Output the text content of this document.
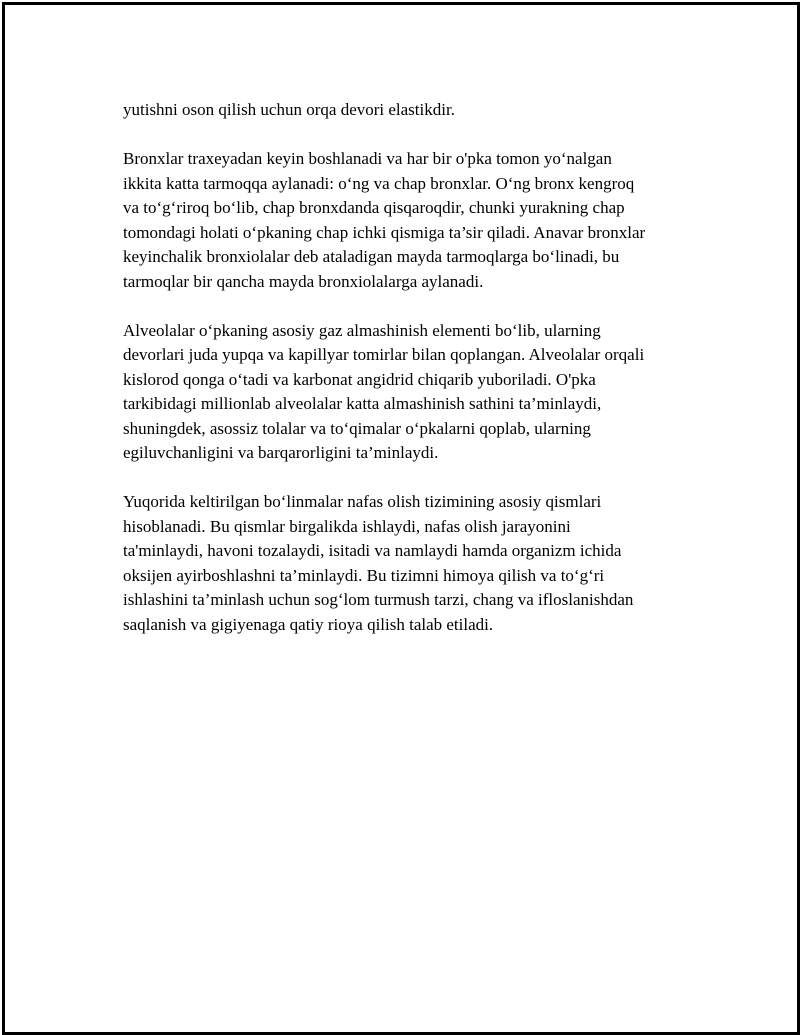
yutishni oson qilish uchun orqa devori elastikdir.

Bronxlar traxeyadan keyin boshlanadi va har bir o'pka tomon yo‘nalgan
ikkita katta tarmoqqa aylanadi: o‘ng va chap bronxlar. O‘ng bronx kengroq
va to‘g‘riroq bo‘lib, chap bronxdanda qisqaroqdir, chunki yurakning chap
tomondagi holati o‘pkaning chap ichki qismiga ta’sir qiladi. Anavar bronxlar
keyinchalik bronxiolalar deb ataladigan mayda tarmoqlarga bo‘linadi, bu
tarmoqlar bir qancha mayda bronxiolalarga aylanadi.

Alveolalar o‘pkaning asosiy gaz almashinish elementi bo‘lib, ularning
devorlari juda yupqa va kapillyar tomirlar bilan qoplangan. Alveolalar orqali
kislorod qonga o‘tadi va karbonat angidrid chiqarib yuboriladi. O'pka
tarkibidagi millionlab alveolalar katta almashinish sathini ta’minlaydi,
shuningdek, asossiz tolalar va to‘qimalar o‘pkalarni qoplab, ularning
egiluvchanligini va barqarorligini ta’minlaydi.

Yuqorida keltirilgan bo‘linmalar nafas olish tizimining asosiy qismlari
hisoblanadi. Bu qismlar birgalikda ishlaydi, nafas olish jarayonini
ta'minlaydi, havoni tozalaydi, isitadi va namlaydi hamda organizm ichida
oksijen ayirboshlashni ta’minlaydi. Bu tizimni himoya qilish va to‘g‘ri
ishlashini ta’minlash uchun sog‘lom turmush tarzi, chang va ifloslanishdan
saqlanish va gigiyenaga qatiy rioya qilish talab etiladi.
